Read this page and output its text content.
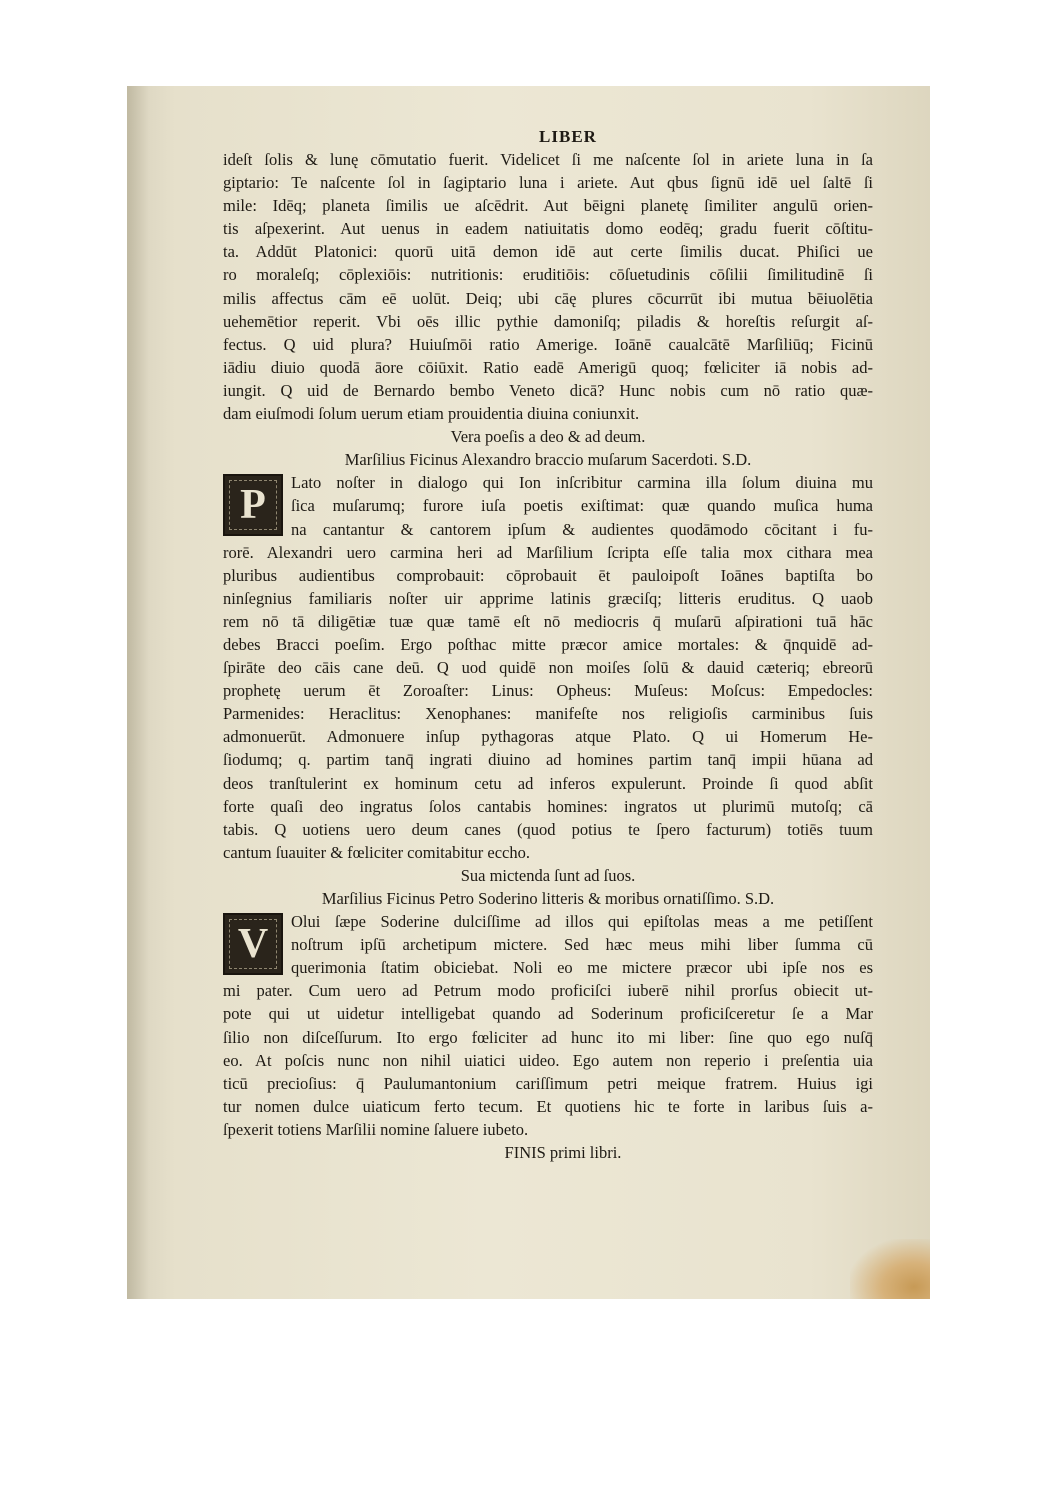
LIBER
ideſt ſolis & lunę cōmutatio fuerit. Videlicet ſi me naſcente ſol in ariete luna in ſa
giptario: Te naſcente ſol in ſagiptario luna i ariete. Aut qbus ſignū idē uel ſaltē ſi
mile: Idēq; planeta ſimilis ue aſcēdrit. Aut bēigni planetę ſimiliter angulū orien-
tis aſpexerint. Aut uenus in eadem natiuitatis domo eodēq; gradu fuerit cōſtitu-
ta. Addūt Platonici: quorū uitā demon idē aut certe ſimilis ducat. Phiſici ue
ro moraleſq; cōplexiōis: nutritionis: eruditiōis: cōſuetudinis cōſilii ſimilitudinē ſi
milis affectus cām eē uolūt. Deiq; ubi cāę plures cōcurrūt ibi mutua bēiuolētia
uehemētior reperit. Vbi oēs illic pythie damoniſq; piladis & horeſtis reſurgit aſ-
fectus. Q uid plura? Huiuſmōi ratio Amerige. Ioānē caualcātē Marſiliūq; Ficinū
iādiu diuio quodā āore cōiūxit. Ratio eadē Amerigū quoq; fœliciter iā nobis ad-
iungit. Q uid de Bernardo bembo Veneto dicā? Hunc nobis cum nō ratio quæ-
dam eiuſmodi ſolum uerum etiam prouidentia diuina coniunxit.
Vera poeſis a deo & ad deum.
Marſilius Ficinus Alexandro braccio muſarum Sacerdoti. S.D.
P Lato noſter in dialogo qui Ion inſcribitur carmina illa ſolum diuina mu
ſica muſarumq; furore iuſa poetis exiſtimat: quæ quando muſica huma
na cantantur & cantorem ipſum & audientes quodāmodo cōcitant i fu-
rorē. Alexandri uero carmina heri ad Marſilium ſcripta eſſe talia mox cithara mea
pluribus audientibus comprobauit: cōprobauit ēt pauloipoſt Ioānes baptiſta bo
ninſegnius familiaris noſter uir apprime latinis græciſq; litteris eruditus. Q uaob
rem nō tā diligētiæ tuæ quæ tamē eſt nō mediocris q̄ muſarū aſpirationi tuā hāc
debes Bracci poeſim. Ergo poſthac mitte præcor amice mortales: & q̄nquidē ad-
ſpirāte deo cāis cane deū. Q uod quidē non moiſes ſolū & dauid cæteriq; ebreorū
prophetę uerum ēt Zoroaſter: Linus: Opheus: Muſeus: Moſcus: Empedocles:
Parmenides: Heraclitus: Xenophanes: manifeſte nos religioſis carminibus ſuis
admonuerūt. Admonuere inſup pythagoras atque Plato. Q ui Homerum He-
ſiodumq; q. partim tanq̄ ingrati diuino ad homines partim tanq̄ impii hūana ad
deos tranſtulerint ex hominum cetu ad inferos expulerunt. Proinde ſi quod abſit
forte quaſi deo ingratus ſolos cantabis homines: ingratos ut plurimū mutoſq; cā
tabis. Q uotiens uero deum canes (quod potius te ſpero facturum) totiēs tuum
cantum ſuauiter & fœliciter comitabitur eccho.
Sua mictenda ſunt ad ſuos.
Marſilius Ficinus Petro Soderino litteris & moribus ornatiſſimo. S.D.
V Olui ſæpe Soderine dulciſſime ad illos qui epiſtolas meas a me petiſſent
noſtrum ipſū archetipum mictere. Sed hæc meus mihi liber ſumma cū
querimonia ſtatim obiciebat. Noli eo me mictere præcor ubi ipſe nos es
mi pater. Cum uero ad Petrum modo proficiſci iuberē nihil prorſus obiecit ut-
pote qui ut uidetur intelligebat quando ad Soderinum proficiſceretur ſe a Mar
ſilio non diſceſſurum. Ito ergo fœliciter ad hunc ito mi liber: ſine quo ego nuſq̄
eo. At poſcis nunc non nihil uiatici uideo. Ego autem non reperio i preſentia uia
ticū precioſius: q̄ Paulumantonium cariſſimum petri meique fratrem. Huius igi
tur nomen dulce uiaticum ferto tecum. Et quotiens hic te forte in laribus ſuis a-
ſpexerit totiens Marſilii nomine ſaluere iubeto.
FINIS primi libri.
